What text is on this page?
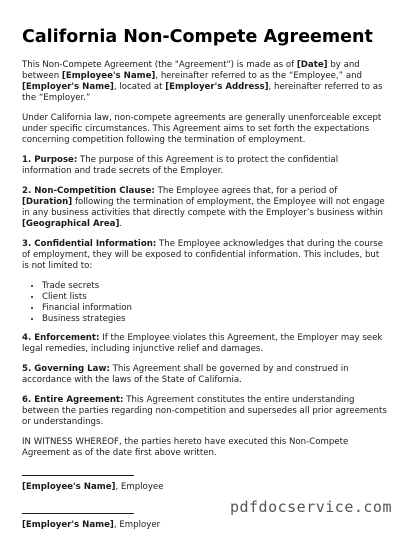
California Non-Compete Agreement

This Non-Compete Agreement (the "Agreement") is made as of [Date] by and between [Employee's Name], hereinafter referred to as the “Employee,” and [Employer's Name], located at [Employer's Address], hereinafter referred to as the “Employer.”

Under California law, non-compete agreements are generally unenforceable except under specific circumstances. This Agreement aims to set forth the expectations concerning competition following the termination of employment.

1. Purpose: The purpose of this Agreement is to protect the confidential information and trade secrets of the Employer.

2. Non-Competition Clause: The Employee agrees that, for a period of [Duration] following the termination of employment, the Employee will not engage in any business activities that directly compete with the Employer’s business within [Geographical Area].

3. Confidential Information: The Employee acknowledges that during the course of employment, they will be exposed to confidential information. This includes, but is not limited to:

• Trade secrets
• Client lists
• Financial information
• Business strategies

4. Enforcement: If the Employee violates this Agreement, the Employer may seek legal remedies, including injunctive relief and damages.

5. Governing Law: This Agreement shall be governed by and construed in accordance with the laws of the State of California.

6. Entire Agreement: This Agreement constitutes the entire understanding between the parties regarding non-competition and supersedes all prior agreements or understandings.

IN WITNESS WHEREOF, the parties hereto have executed this Non-Compete Agreement as of the date first above written.

[Employee's Name], Employee

[Employer's Name], Employer

pdfdocservice.com
